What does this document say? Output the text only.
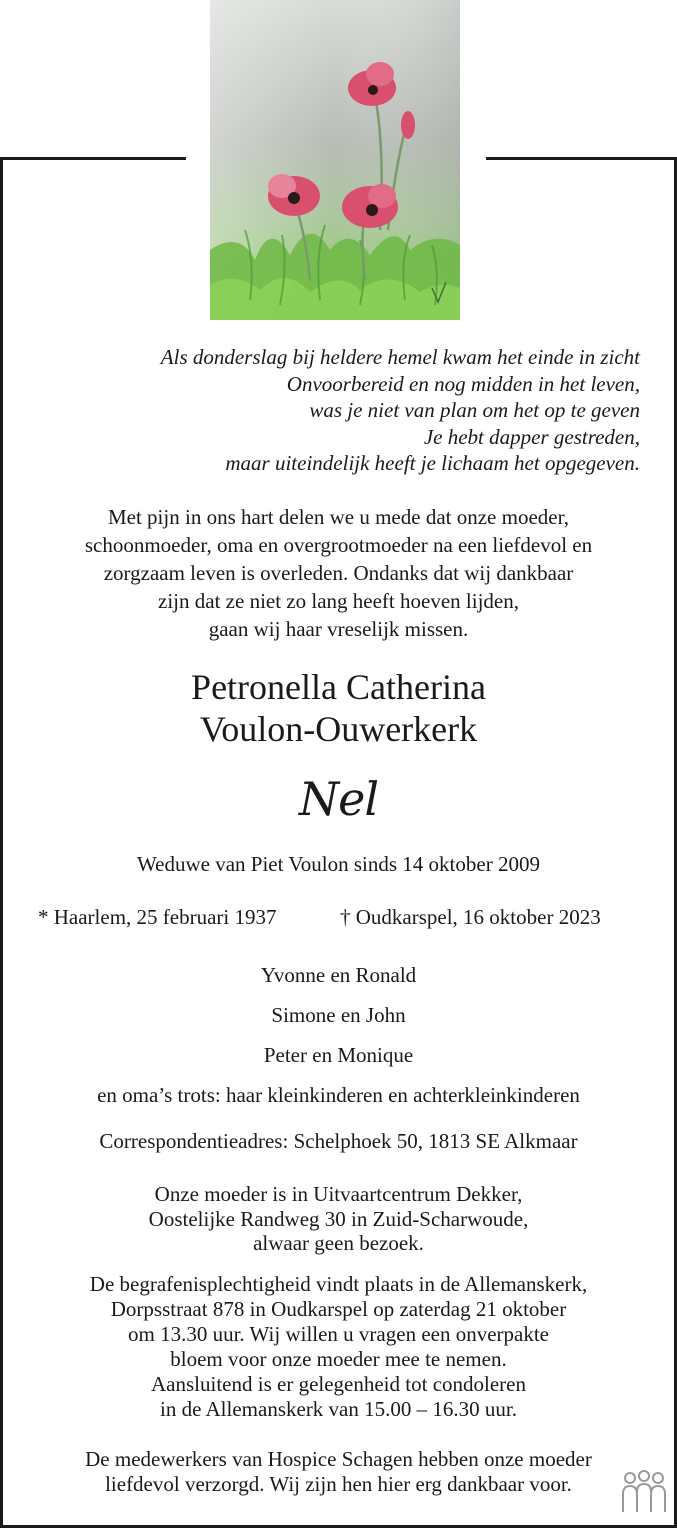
Als donderslag bij heldere hemel kwam het einde in zicht
Onvoorbereid en nog midden in het leven,
was je niet van plan om het op te geven
Je hebt dapper gestreden,
maar uiteindelijk heeft je lichaam het opgegeven.
Met pijn in ons hart delen we u mede dat onze moeder,
schoonmoeder, oma en overgrootmoeder na een liefdevol en
zorgzaam leven is overleden. Ondanks dat wij dankbaar
zijn dat ze niet zo lang heeft hoeven lijden,
gaan wij haar vreselijk missen.
Petronella Catherina
Voulon-Ouwerkerk
Nel
Weduwe van Piet Voulon sinds 14 oktober 2009
* Haarlem, 25 februari 1937	† Oudkarspel, 16 oktober 2023
Yvonne en Ronald
Simone en John
Peter en Monique
en oma’s trots: haar kleinkinderen en achterkleinkinderen
Correspondentieadres: Schelphoek 50, 1813 SE Alkmaar
Onze moeder is in Uitvaartcentrum Dekker,
Oostelijke Randweg 30 in Zuid-Scharwoude,
alwaar geen bezoek.
De begrafenisplechtigheid vindt plaats in de Allemanskerk,
Dorpsstraat 878 in Oudkarspel op zaterdag 21 oktober
om 13.30 uur. Wij willen u vragen een onverpakte
bloem voor onze moeder mee te nemen.
Aansluitend is er gelegenheid tot condoleren
in de Allemanskerk van 15.00 – 16.30 uur.
De medewerkers van Hospice Schagen hebben onze moeder
liefdevol verzorgd. Wij zijn hen hier erg dankbaar voor.
